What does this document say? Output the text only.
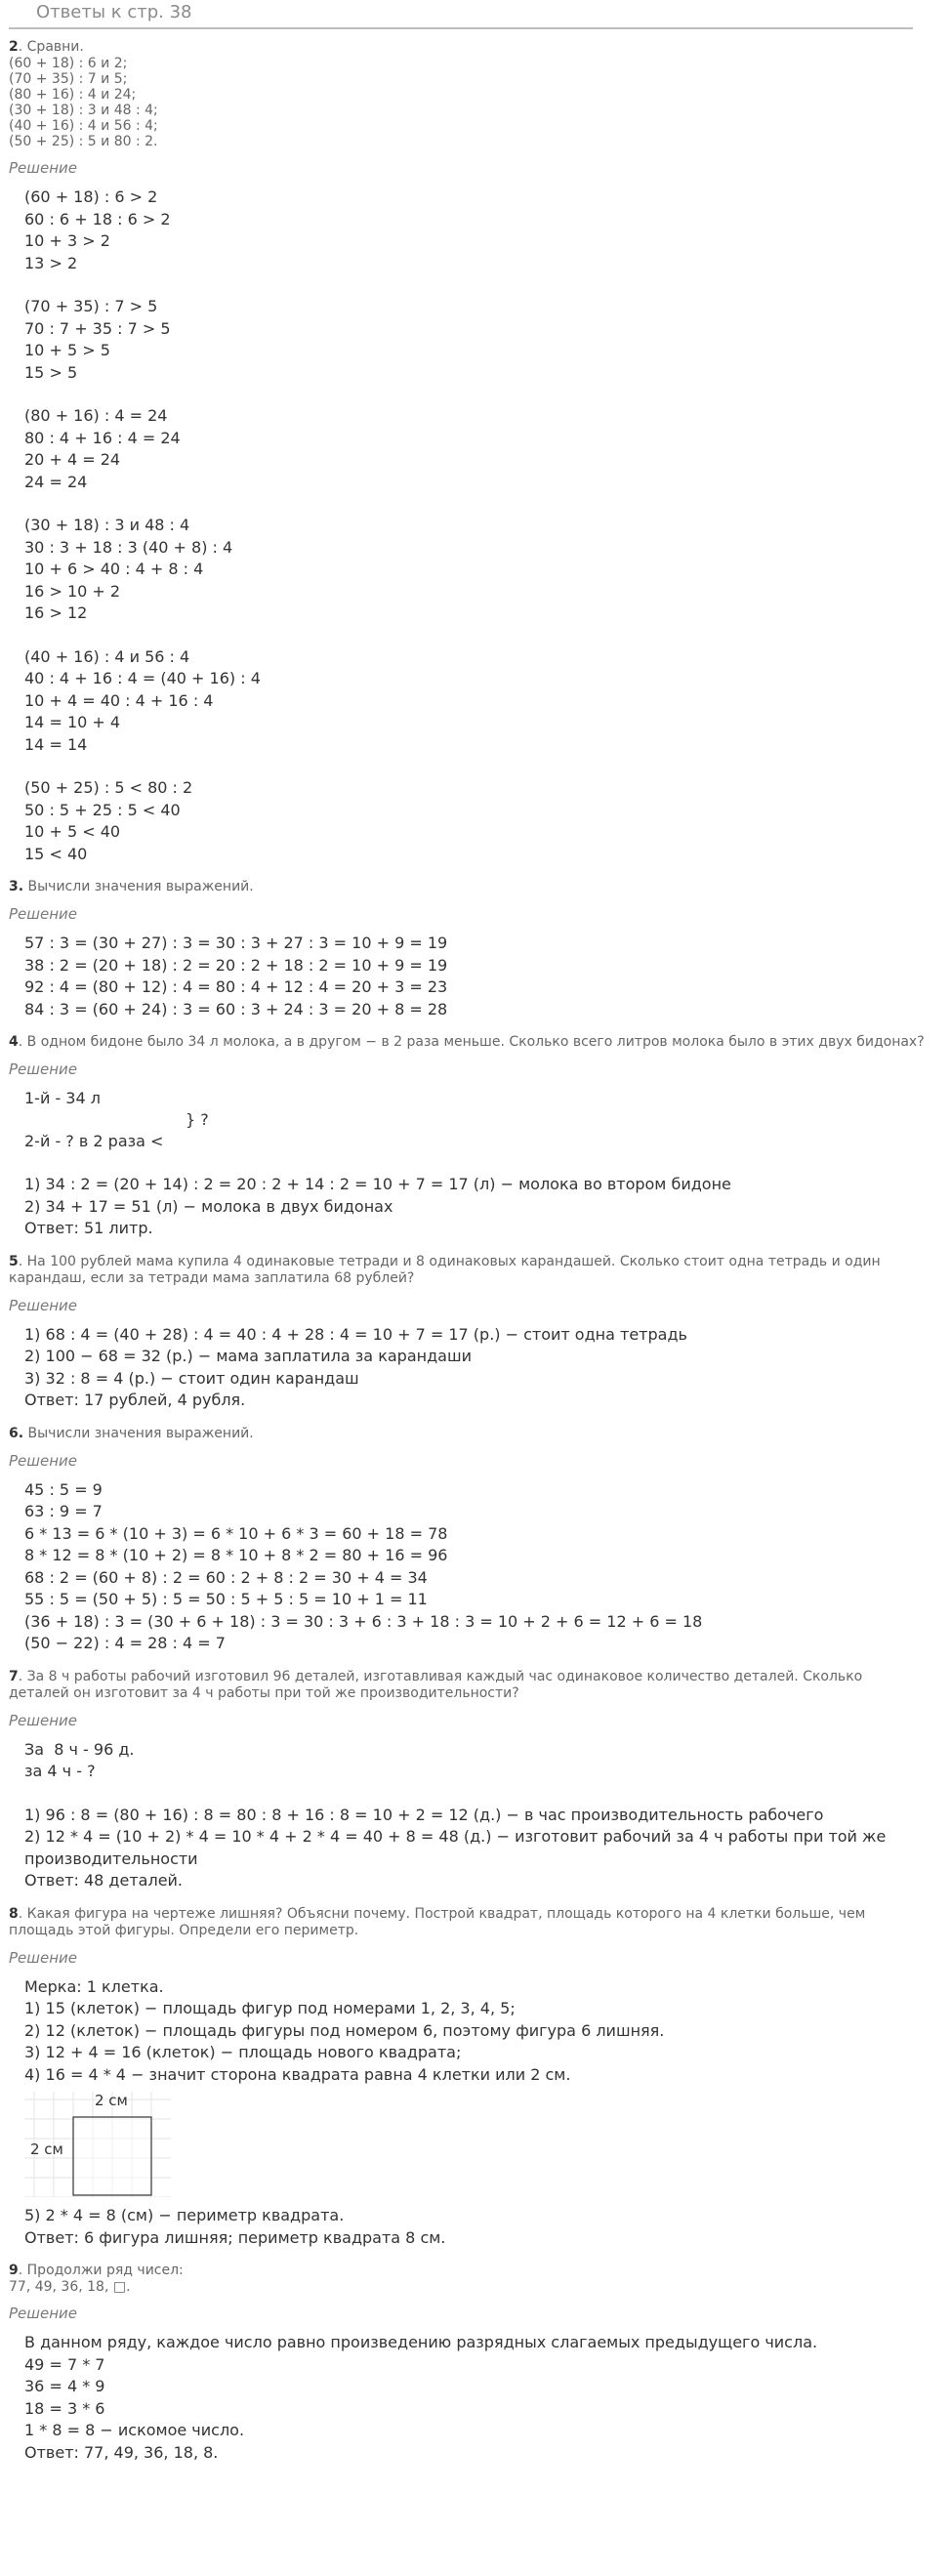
Ответы к стр. 38
2. Сравни.
(60 + 18) : 6 и 2;
(70 + 35) : 7 и 5;
(80 + 16) : 4 и 24;
(30 + 18) : 3 и 48 : 4;
(40 + 16) : 4 и 56 : 4;
(50 + 25) : 5 и 80 : 2.
Решение
(60 + 18) : 6 > 2
60 : 6 + 18 : 6 > 2
10 + 3 > 2
13 > 2
(70 + 35) : 7 > 5
70 : 7 + 35 : 7 > 5
10 + 5 > 5
15 > 5
(80 + 16) : 4 = 24
80 : 4 + 16 : 4 = 24
20 + 4 = 24
24 = 24
(30 + 18) : 3 и 48 : 4
30 : 3 + 18 : 3 (40 + 8) : 4
10 + 6 > 40 : 4 + 8 : 4
16 > 10 + 2
16 > 12
(40 + 16) : 4 и 56 : 4
40 : 4 + 16 : 4 = (40 + 16) : 4
10 + 4 = 40 : 4 + 16 : 4
14 = 10 + 4
14 = 14
(50 + 25) : 5 < 80 : 2
50 : 5 + 25 : 5 < 40
10 + 5 < 40
15 < 40
3. Вычисли значения выражений.
Решение
57 : 3 = (30 + 27) : 3 = 30 : 3 + 27 : 3 = 10 + 9 = 19
38 : 2 = (20 + 18) : 2 = 20 : 2 + 18 : 2 = 10 + 9 = 19
92 : 4 = (80 + 12) : 4 = 80 : 4 + 12 : 4 = 20 + 3 = 23
84 : 3 = (60 + 24) : 3 = 60 : 3 + 24 : 3 = 20 + 8 = 28
4. В одном бидоне было 34 л молока, а в другом − в 2 раза меньше. Сколько всего литров молока было в этих двух бидонах?
Решение
1-й - 34 л
} ?
2-й - ? в 2 раза <
1) 34 : 2 = (20 + 14) : 2 = 20 : 2 + 14 : 2 = 10 + 7 = 17 (л) − молока во втором бидоне
2) 34 + 17 = 51 (л) − молока в двух бидонах
Ответ: 51 литр.
5. На 100 рублей мама купила 4 одинаковые тетради и 8 одинаковых карандашей. Сколько стоит одна тетрадь и один карандаш, если за тетради мама заплатила 68 рублей?
Решение
1) 68 : 4 = (40 + 28) : 4 = 40 : 4 + 28 : 4 = 10 + 7 = 17 (р.) − стоит одна тетрадь
2) 100 − 68 = 32 (р.) − мама заплатила за карандаши
3) 32 : 8 = 4 (р.) − стоит один карандаш
Ответ: 17 рублей, 4 рубля.
6. Вычисли значения выражений.
Решение
45 : 5 = 9
63 : 9 = 7
6 * 13 = 6 * (10 + 3) = 6 * 10 + 6 * 3 = 60 + 18 = 78
8 * 12 = 8 * (10 + 2) = 8 * 10 + 8 * 2 = 80 + 16 = 96
68 : 2 = (60 + 8) : 2 = 60 : 2 + 8 : 2 = 30 + 4 = 34
55 : 5 = (50 + 5) : 5 = 50 : 5 + 5 : 5 = 10 + 1 = 11
(36 + 18) : 3 = (30 + 6 + 18) : 3 = 30 : 3 + 6 : 3 + 18 : 3 = 10 + 2 + 6 = 12 + 6 = 18
(50 − 22) : 4 = 28 : 4 = 7
7. За 8 ч работы рабочий изготовил 96 деталей, изготавливая каждый час одинаковое количество деталей. Сколько деталей он изготовит за 4 ч работы при той же производительности?
Решение
За  8 ч - 96 д.
за 4 ч - ?
1) 96 : 8 = (80 + 16) : 8 = 80 : 8 + 16 : 8 = 10 + 2 = 12 (д.) − в час производительность рабочего
2) 12 * 4 = (10 + 2) * 4 = 10 * 4 + 2 * 4 = 40 + 8 = 48 (д.) − изготовит рабочий за 4 ч работы при той же производительности
Ответ: 48 деталей.
8. Какая фигура на чертеже лишняя? Объясни почему. Построй квадрат, площадь которого на 4 клетки больше, чем площадь этой фигуры. Определи его периметр.
Решение
Мерка: 1 клетка.
1) 15 (клеток) − площадь фигур под номерами 1, 2, 3, 4, 5;
2) 12 (клеток) − площадь фигуры под номером 6, поэтому фигура 6 лишняя.
3) 12 + 4 = 16 (клеток) − площадь нового квадрата;
4) 16 = 4 * 4 − значит сторона квадрата равна 4 клетки или 2 см.
2 см
2 см
5) 2 * 4 = 8 (см) − периметр квадрата.
Ответ: 6 фигура лишняя; периметр квадрата 8 см.
9. Продолжи ряд чисел:
77, 49, 36, 18, □.
Решение
В данном ряду, каждое число равно произведению разрядных слагаемых предыдущего числа.
49 = 7 * 7
36 = 4 * 9
18 = 3 * 6
1 * 8 = 8 − искомое число.
Ответ: 77, 49, 36, 18, 8.
